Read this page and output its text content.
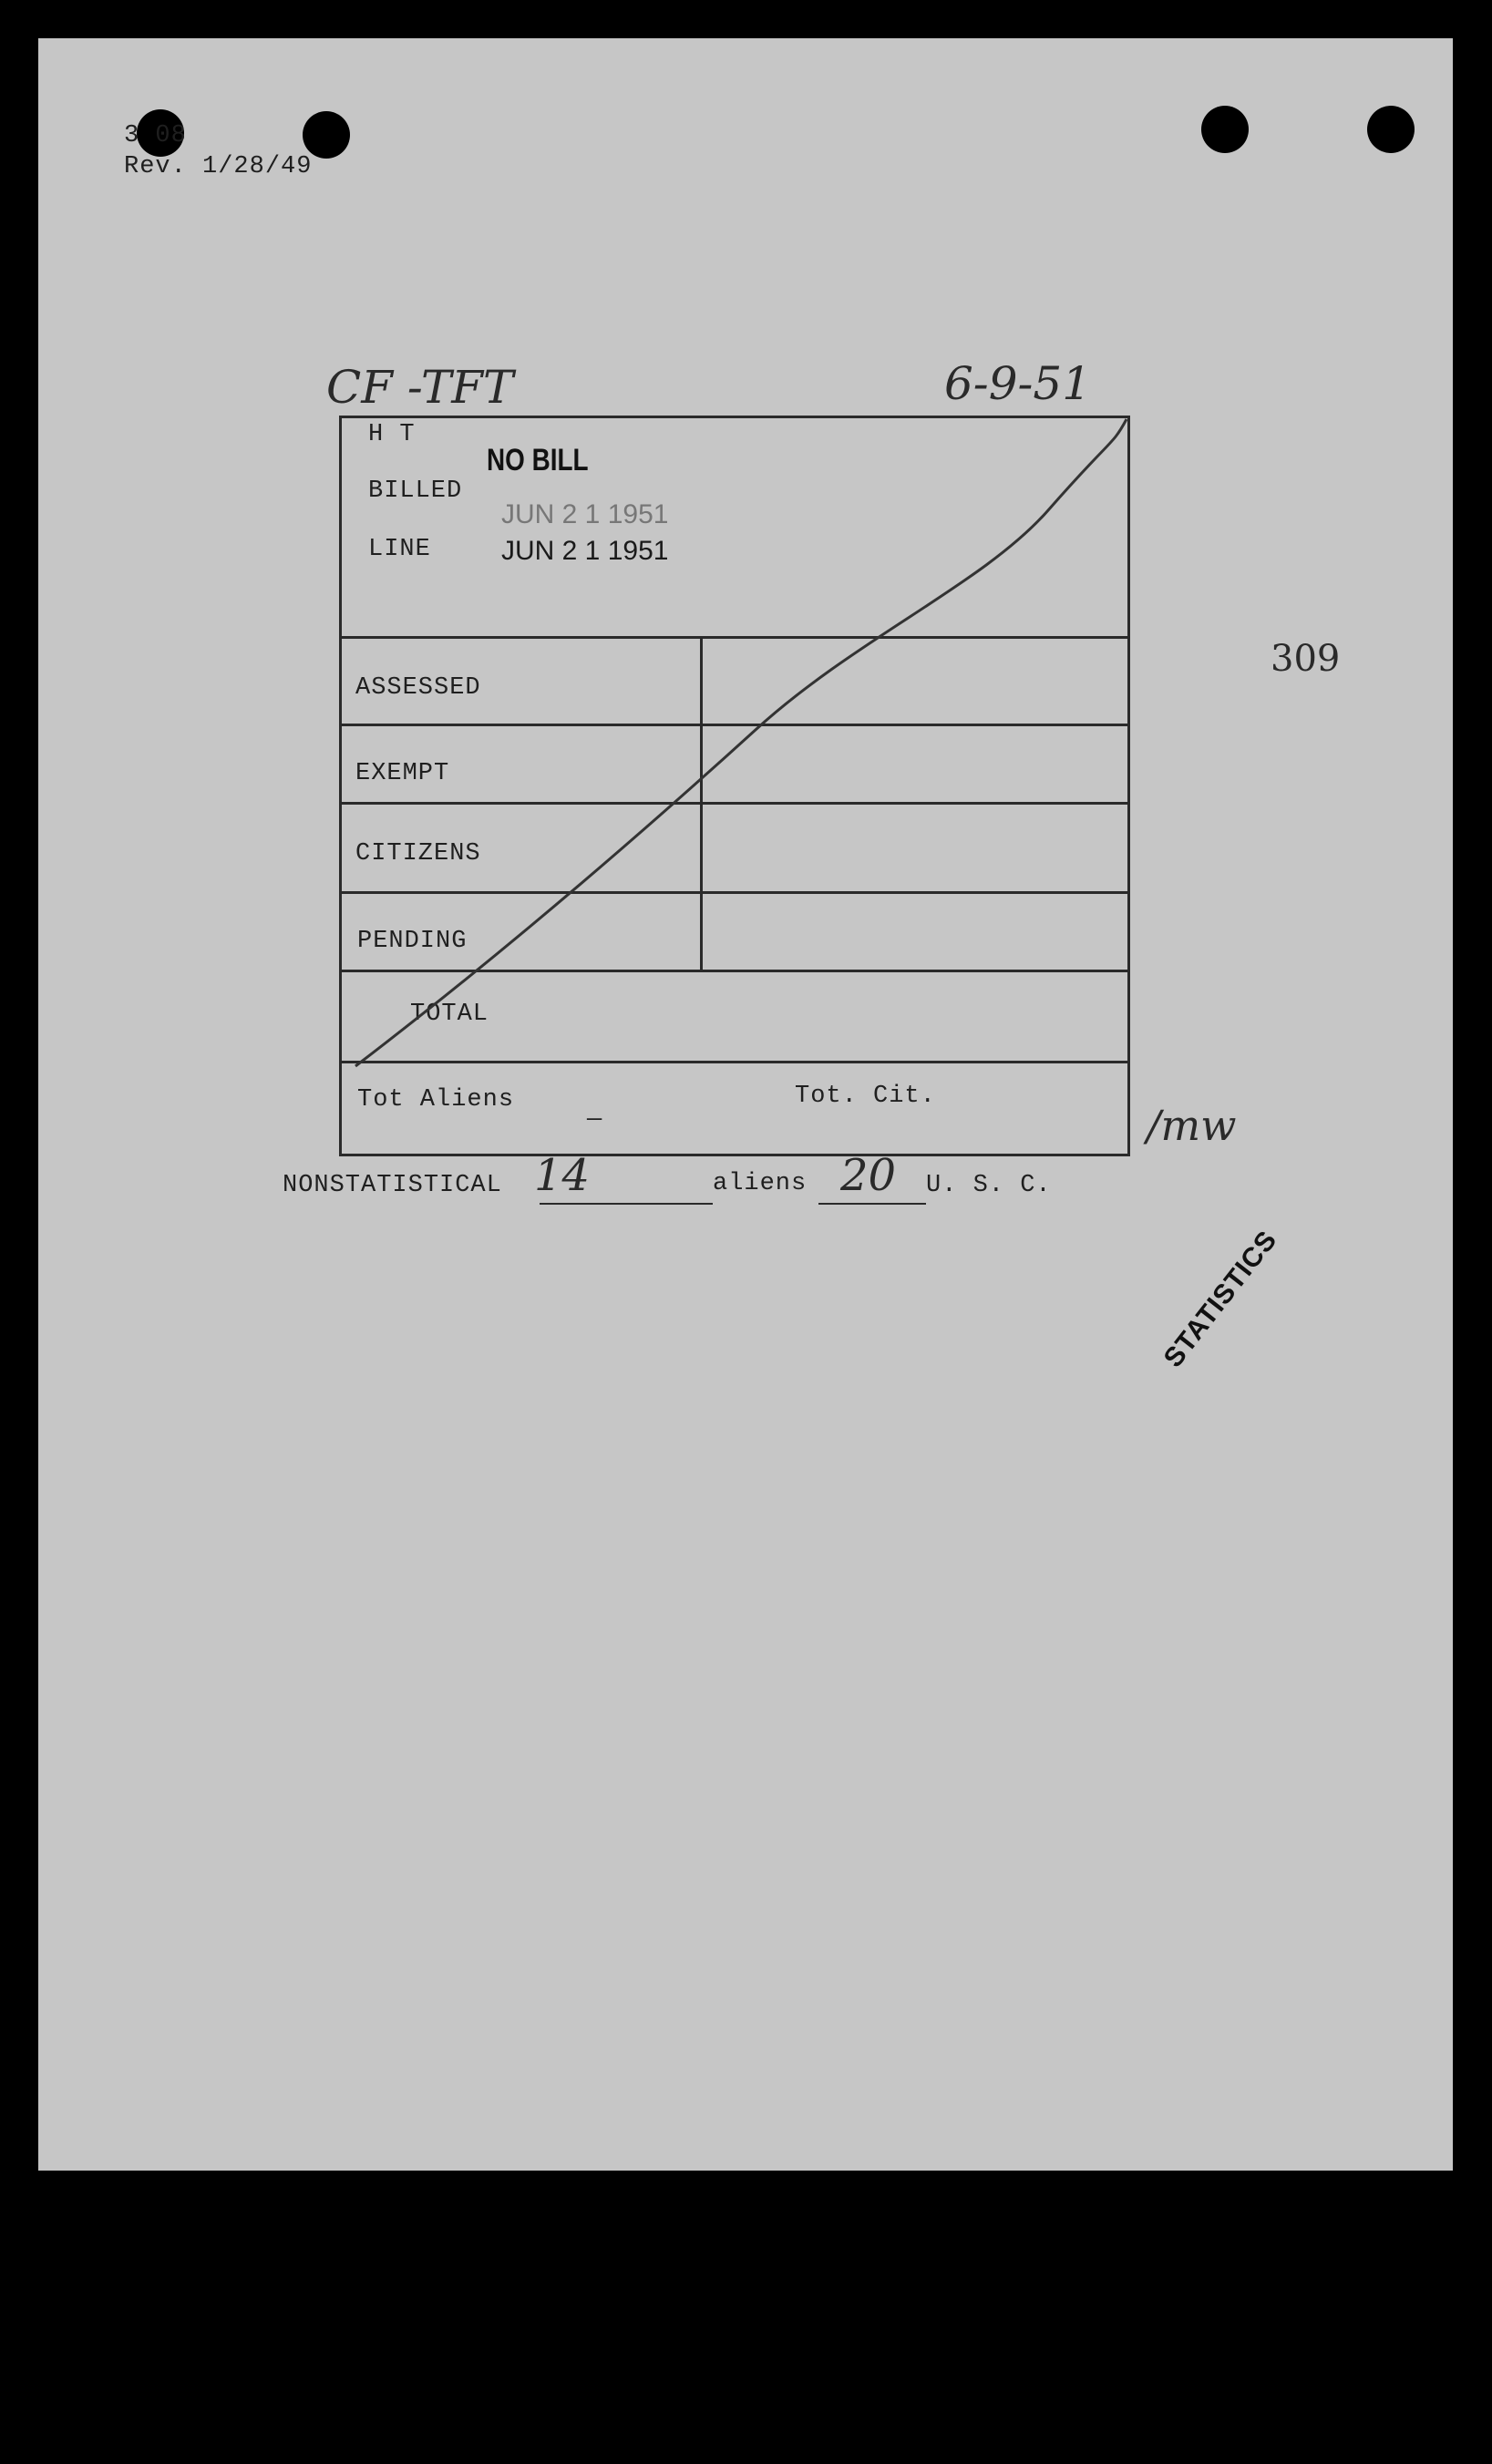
3 08
Rev. 1/28/49
CF -TFT	6-9-51
309
/mw
H T
BILLED
LINE
NO BILL
JUN 2 1 1951
JUN 2 1 1951
STATISTICS
ASSESSED
EXEMPT
CITIZENS
PENDING
TOTAL
Tot Aliens
—
Tot. Cit.
NONSTATISTICAL 14	aliens 20 U. S. C.
